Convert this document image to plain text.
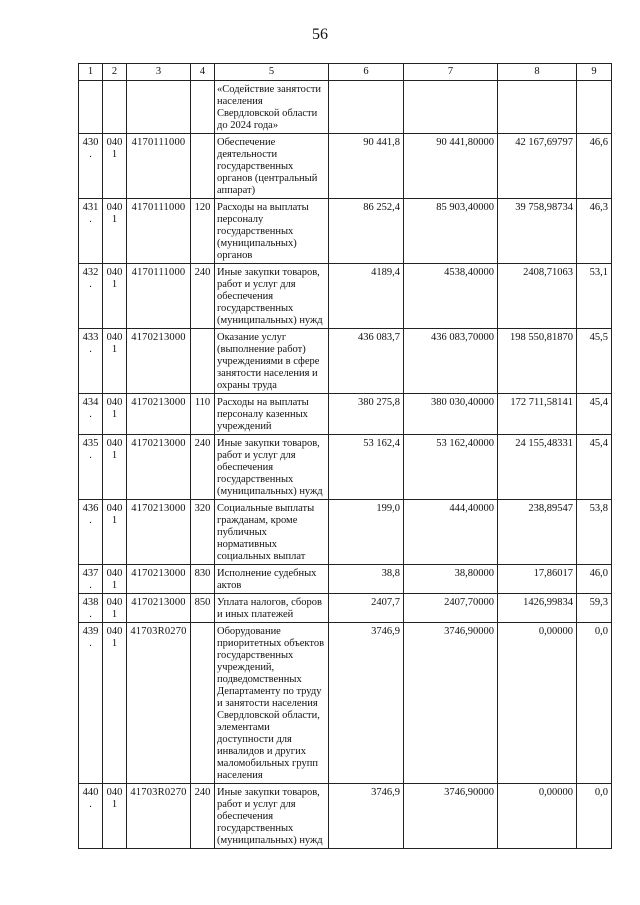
56
1	2	3	4	5	6	7	8	9
				«Содействие занятости населения Свердловской области до 2024 года»				
430.	0401	4170111000		Обеспечение деятельности государственных органов (центральный аппарат)	90 441,8	90 441,80000	42 167,69797	46,6
431.	0401	4170111000	120	Расходы на выплаты персоналу государственных (муниципальных) органов	86 252,4	85 903,40000	39 758,98734	46,3
432.	0401	4170111000	240	Иные закупки товаров, работ и услуг для обеспечения государственных (муниципальных) нужд	4189,4	4538,40000	2408,71063	53,1
433.	0401	4170213000		Оказание услуг (выполнение работ) учреждениями в сфере занятости населения и охраны труда	436 083,7	436 083,70000	198 550,81870	45,5
434.	0401	4170213000	110	Расходы на выплаты персоналу казенных учреждений	380 275,8	380 030,40000	172 711,58141	45,4
435.	0401	4170213000	240	Иные закупки товаров, работ и услуг для обеспечения государственных (муниципальных) нужд	53 162,4	53 162,40000	24 155,48331	45,4
436.	0401	4170213000	320	Социальные выплаты гражданам, кроме публичных нормативных социальных выплат	199,0	444,40000	238,89547	53,8
437.	0401	4170213000	830	Исполнение судебных актов	38,8	38,80000	17,86017	46,0
438.	0401	4170213000	850	Уплата налогов, сборов и иных платежей	2407,7	2407,70000	1426,99834	59,3
439.	0401	41703R0270		Оборудование приоритетных объектов государственных учреждений, подведомственных Департаменту по труду и занятости населения Свердловской области, элементами доступности для инвалидов и других маломобильных групп населения	3746,9	3746,90000	0,00000	0,0
440.	0401	41703R0270	240	Иные закупки товаров, работ и услуг для обеспечения государственных (муниципальных) нужд	3746,9	3746,90000	0,00000	0,0
